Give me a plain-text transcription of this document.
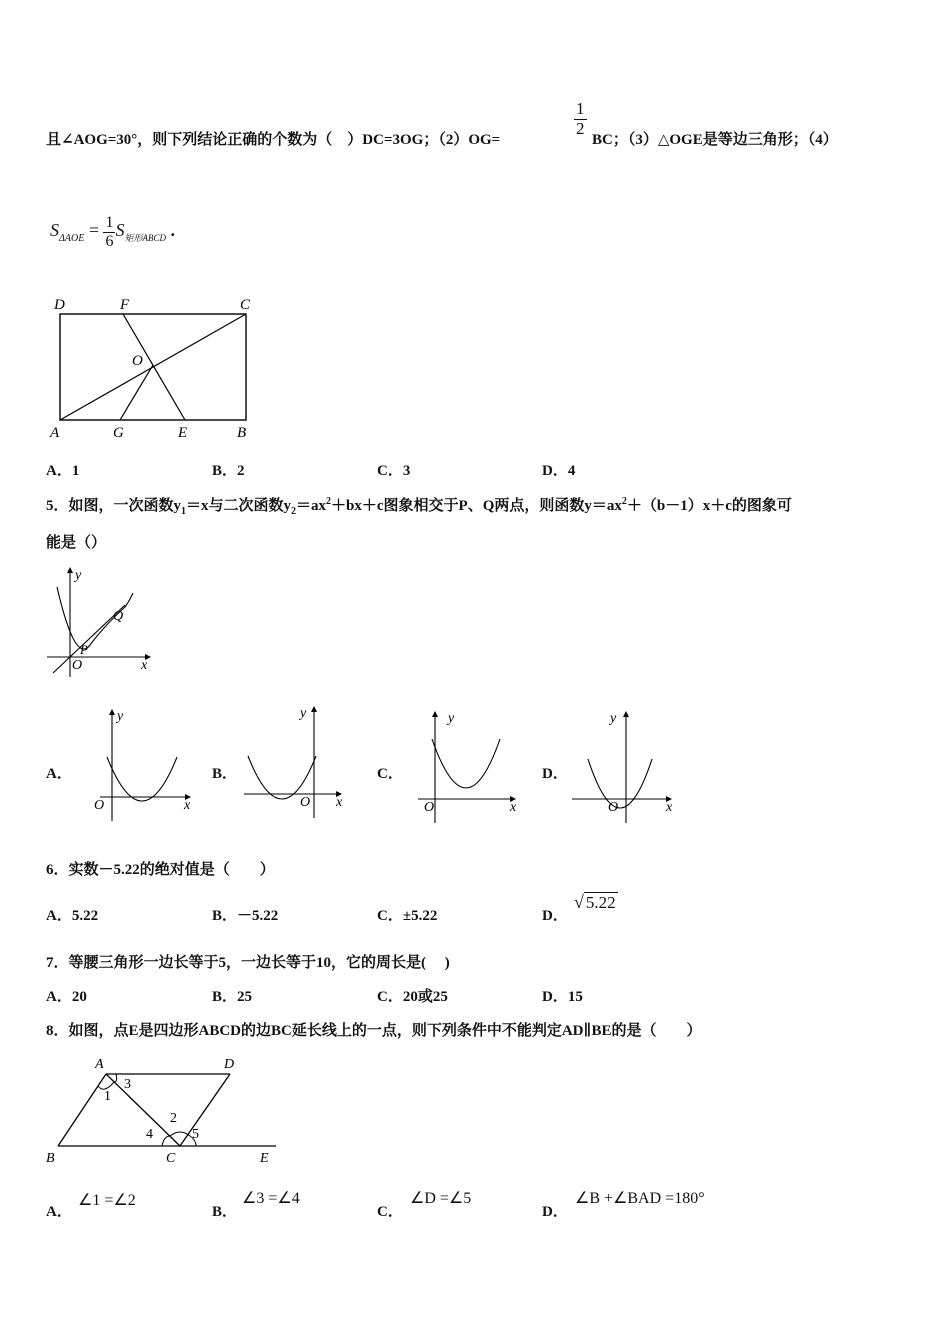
且∠AOG=30°，则下列结论正确的个数为（　）DC=3OG；（2）OG=
$\frac{1}{2}$
BC；（3）△OGE是等边三角形；（4）
$S_{\Delta AOE} = \frac{1}{6} S_{矩形ABCD}$ .
D	F	C
O
A	G	E	B
A．1	B．2	C．3	D．4
5．如图，一次函数$y_1=x$与二次函数$y_2=ax^2+bx+c$图象相交于P、Q两点，则函数$y=ax^2+(b-1)x+c$的图象可
能是（）
y
Q
P
O	x
A．
y
O	x
B．
y
O x
C．
y
O	x
D．
y
O	x
6．实数－5.22的绝对值是（　　）
A．5.22	B．－5.22	C．±5.22	D．
√ 5.22
7．等腰三角形一边长等于5，一边长等于10，它的周长是(　 )
A．20	B．25	C．20或25	D．15
8．如图，点E是四边形ABCD的边BC延长线上的一点，则下列条件中不能判定AD∥BE的是（　　）
A	D
3
1
2
4	5
B	C	E
A．
∠1 =∠2
B．
∠3 =∠4
C．
∠D =∠5
D．
∠B +∠BAD =180°
